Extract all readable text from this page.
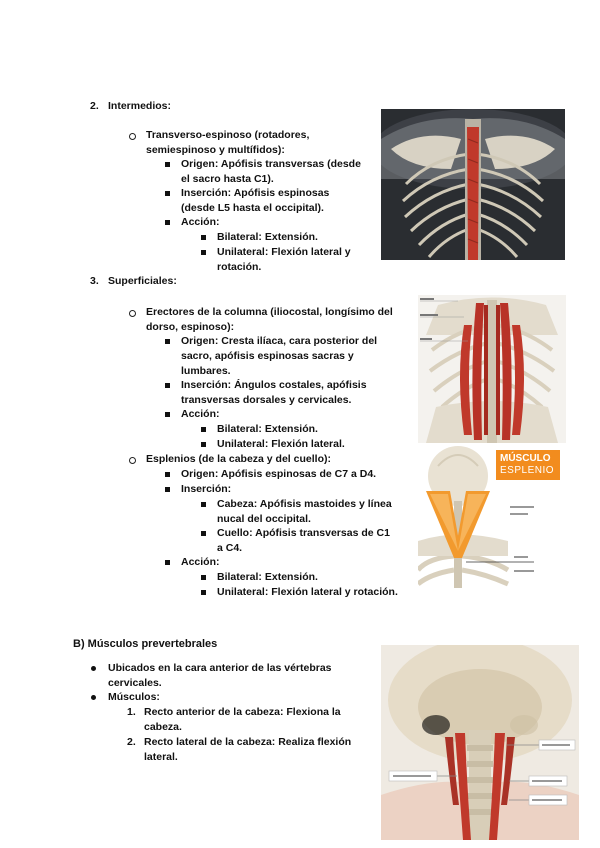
2. Intermedios:
Transverso-espinoso (rotadores,
semiespinoso y multífidos):
Origen: Apófisis transversas (desde
el sacro hasta C1).
Inserción: Apófisis espinosas
(desde L5 hasta el occipital).
Acción:
Bilateral: Extensión.
Unilateral: Flexión lateral y
rotación.
3. Superficiales:
Erectores de la columna (iliocostal, longísimo del
dorso, espinoso):
Origen: Cresta ilíaca, cara posterior del
sacro, apófisis espinosas sacras y
lumbares.
Inserción: Ángulos costales, apófisis
transversas dorsales y cervicales.
Acción:
Bilateral: Extensión.
Unilateral: Flexión lateral.
Esplenios (de la cabeza y del cuello):
Origen: Apófisis espinosas de C7 a D4.
Inserción:
Cabeza: Apófisis mastoides y línea
nucal del occipital.
Cuello: Apófisis transversas de C1
a C4.
Acción:
Bilateral: Extensión.
Unilateral: Flexión lateral y rotación.
MÚSCULO
ESPLENIO
B) Músculos prevertebrales
Ubicados en la cara anterior de las vértebras
cervicales.
Músculos:
1. Recto anterior de la cabeza: Flexiona la
cabeza.
2. Recto lateral de la cabeza: Realiza flexión
lateral.
